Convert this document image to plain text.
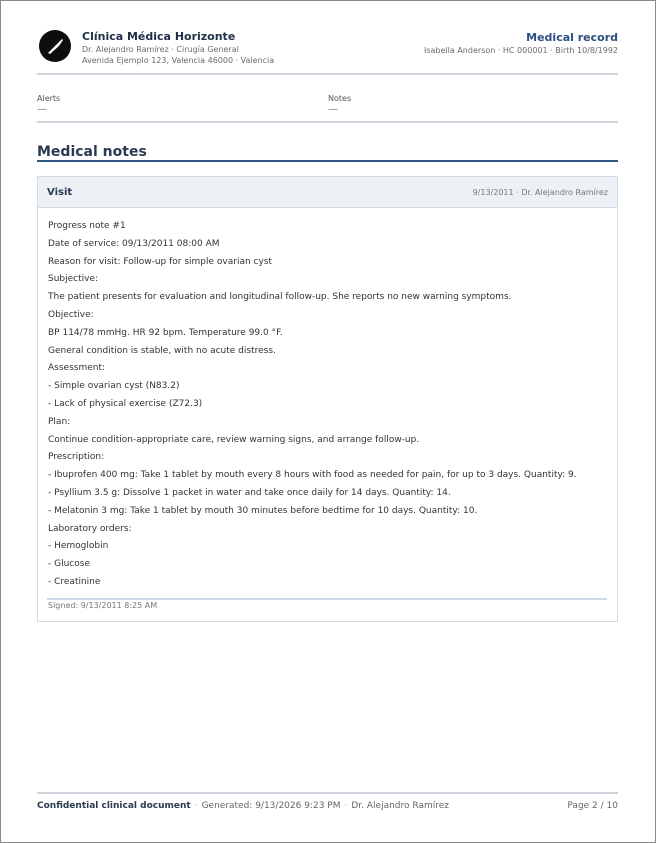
Clínica Médica Horizonte
Dr. Alejandro Ramírez · Cirugía General
Avenida Ejemplo 123, Valencia 46000 · Valencia
Medical record
Isabella Anderson · HC 000001 · Birth 10/8/1992
Alerts
—
Notes
—
Medical notes
Visit	9/13/2011 · Dr. Alejandro Ramírez
Progress note #1
Date of service: 09/13/2011 08:00 AM
Reason for visit: Follow-up for simple ovarian cyst
Subjective:
The patient presents for evaluation and longitudinal follow-up. She reports no new warning symptoms.
Objective:
BP 114/78 mmHg. HR 92 bpm. Temperature 99.0 °F.
General condition is stable, with no acute distress.
Assessment:
- Simple ovarian cyst (N83.2)
- Lack of physical exercise (Z72.3)
Plan:
Continue condition-appropriate care, review warning signs, and arrange follow-up.
Prescription:
- Ibuprofen 400 mg: Take 1 tablet by mouth every 8 hours with food as needed for pain, for up to 3 days. Quantity: 9.
- Psyllium 3.5 g: Dissolve 1 packet in water and take once daily for 14 days. Quantity: 14.
- Melatonin 3 mg: Take 1 tablet by mouth 30 minutes before bedtime for 10 days. Quantity: 10.
Laboratory orders:
- Hemoglobin
- Glucose
- Creatinine
Signed: 9/13/2011 8:25 AM
Confidential clinical document · Generated: 9/13/2026 9:23 PM · Dr. Alejandro Ramírez	Page 2 / 10
